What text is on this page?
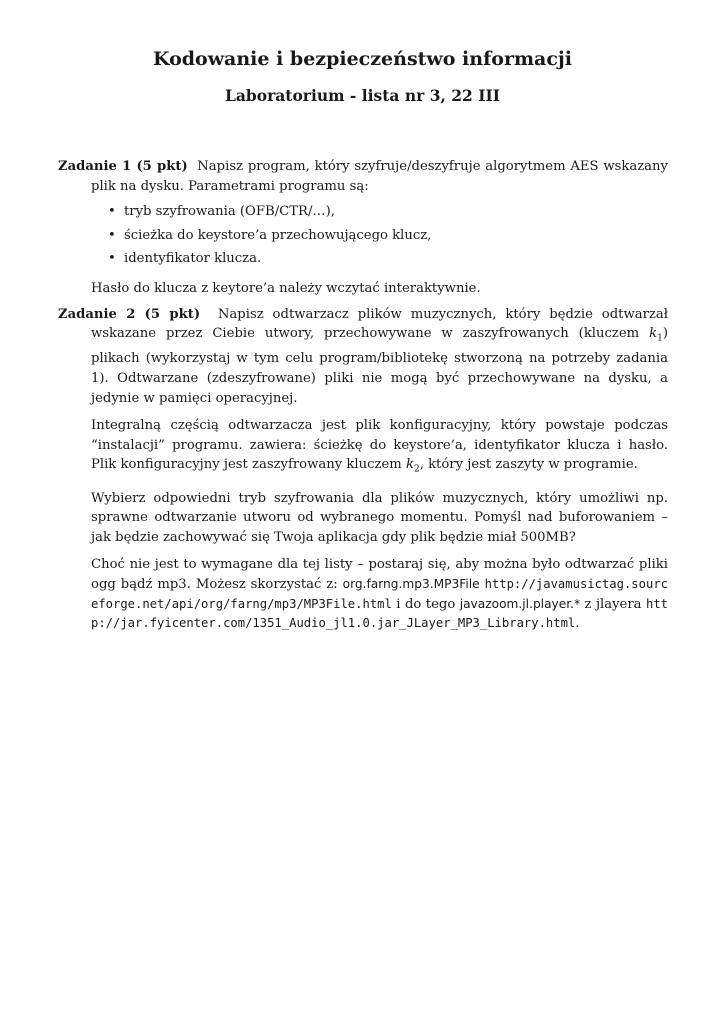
Kodowanie i bezpieczeństwo informacji
Laboratorium - lista nr 3, 22 III
Zadanie 1 (5 pkt) Napisz program, który szyfruje/deszyfruje algorytmem AES wskazany plik na dysku. Parametrami programu są:
• tryb szyfrowania (OFB/CTR/…),
• ścieżka do keystore’a przechowującego klucz,
• identyfikator klucza.

Hasło do klucza z keytore’a należy wczytać interaktywnie.

Zadanie 2 (5 pkt) Napisz odtwarzacz plików muzycznych, który będzie odtwarzał wskazane przez Ciebie utwory, przechowywane w zaszyfrowanych (kluczem $k_1$) plikach (wykorzystaj w tym celu program/bibliotekę stworzoną na potrzeby zadania 1). Odtwarzane (zdeszyfrowane) pliki nie mogą być przechowywane na dysku, a jedynie w pamięci operacyjnej.

Integralną częścią odtwarzacza jest plik konfiguracyjny, który powstaje podczas “instalacji” programu. zawiera: ścieżkę do keystore’a, identyfikator klucza i hasło. Plik konfiguracyjny jest zaszyfrowany kluczem $k_2$, który jest zaszyty w programie.

Wybierz odpowiedni tryb szyfrowania dla plików muzycznych, który umożliwi np. sprawne odtwarzanie utworu od wybranego momentu. Pomyśl nad buforowaniem – jak będzie zachowywać się Twoja aplikacja gdy plik będzie miał 500MB?

Choć nie jest to wymagane dla tej listy – postaraj się, aby można było odtwarzać pliki ogg bądź mp3. Możesz skorzystać z: org.farng.mp3.MP3File http://javamusictag.sourceforge.net/api/org/farng/mp3/MP3File.html i do tego javazoom.jl.player.* z jlayera http://jar.fyicenter.com/1351_Audio_jl1.0.jar_JLayer_MP3_Library.html.
